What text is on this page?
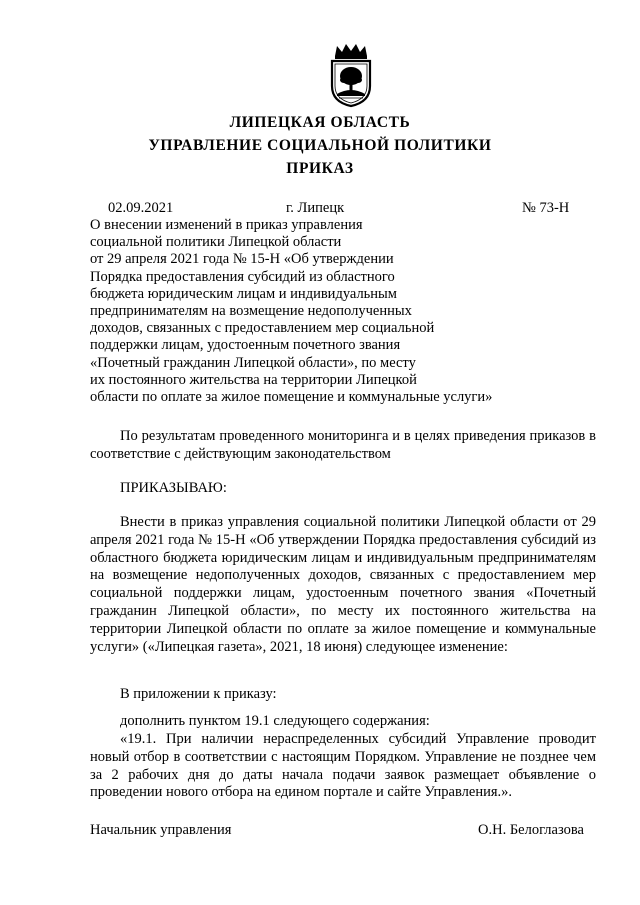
ЛИПЕЦКАЯ ОБЛАСТЬ
УПРАВЛЕНИЕ СОЦИАЛЬНОЙ ПОЛИТИКИ
ПРИКАЗ
02.09.2021	г. Липецк	№ 73-Н
О внесении изменений в приказ управления
социальной политики Липецкой области
от 29 апреля 2021 года № 15-Н «Об утверждении
Порядка предоставления субсидий из областного
бюджета юридическим лицам и индивидуальным
предпринимателям на возмещение недополученных
доходов, связанных с предоставлением мер социальной
поддержки лицам, удостоенным почетного звания
«Почетный гражданин Липецкой области», по месту
их постоянного жительства на территории Липецкой
области по оплате за жилое помещение и коммунальные услуги»
По результатам проведенного мониторинга и в целях приведения приказов в соответствие с действующим законодательством
ПРИКАЗЫВАЮ:
Внести в приказ управления социальной политики Липецкой области от 29 апреля 2021 года № 15-Н «Об утверждении Порядка предоставления субсидий из областного бюджета юридическим лицам и индивидуальным предпринимателям на возмещение недополученных доходов, связанных с предоставлением мер социальной поддержки лицам, удостоенным почетного звания «Почетный гражданин Липецкой области», по месту их постоянного жительства на территории Липецкой области по оплате за жилое помещение и коммунальные услуги» («Липецкая газета», 2021, 18 июня) следующее изменение:
В приложении к приказу:
дополнить пунктом 19.1 следующего содержания:
«19.1. При наличии нераспределенных субсидий Управление проводит новый отбор в соответствии с настоящим Порядком. Управление не позднее чем за 2 рабочих дня до даты начала подачи заявок размещает объявление о проведении нового отбора на едином портале и сайте Управления.».
Начальник управления	О.Н. Белоглазова
